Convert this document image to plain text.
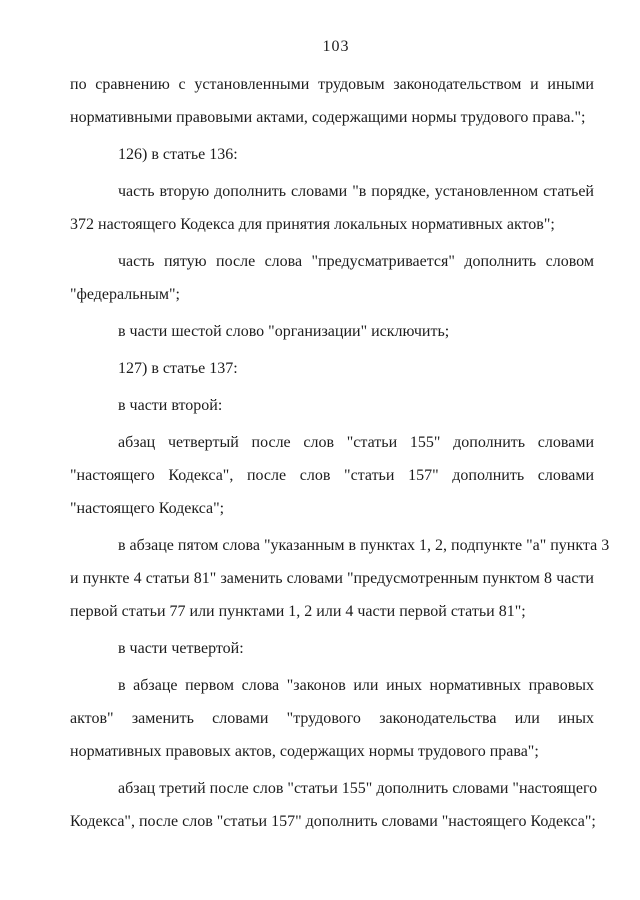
103
по сравнению с установленными трудовым законодательством и иными
нормативными правовыми актами, содержащими нормы трудового права.";
126) в статье 136:
часть вторую дополнить словами "в порядке, установленном статьей
372 настоящего Кодекса для принятия локальных нормативных актов";
часть пятую после слова "предусматривается" дополнить словом
"федеральным";
в части шестой слово "организации" исключить;
127) в статье 137:
в части второй:
абзац четвертый после слов "статьи 155" дополнить словами
"настоящего Кодекса", после слов "статьи 157" дополнить словами
"настоящего Кодекса";
в абзаце пятом слова "указанным в пунктах 1, 2, подпункте "а" пункта 3
и пункте 4 статьи 81" заменить словами "предусмотренным пунктом 8 части
первой статьи 77 или пунктами 1, 2 или 4 части первой статьи 81";
в части четвертой:
в абзаце первом слова "законов или иных нормативных правовых
актов" заменить словами "трудового законодательства или иных
нормативных правовых актов, содержащих нормы трудового права";
абзац третий после слов "статьи 155" дополнить словами "настоящего
Кодекса", после слов "статьи 157" дополнить словами "настоящего Кодекса";
